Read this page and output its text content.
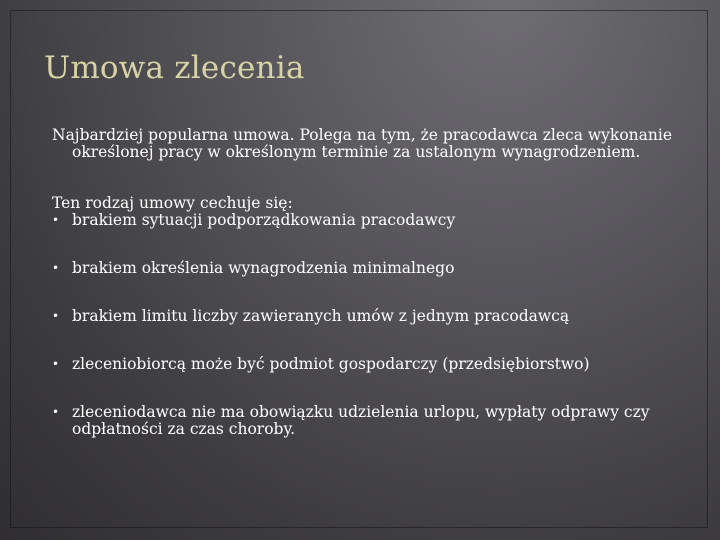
Umowa zlecenia

Najbardziej popularna umowa. Polega na tym, że pracodawca zleca wykonanie określonej pracy w określonym terminie za ustalonym wynagrodzeniem.

Ten rodzaj umowy cechuje się:

• brakiem sytuacji podporządkowania pracodawcy
• brakiem określenia wynagrodzenia minimalnego
• brakiem limitu liczby zawieranych umów z jednym pracodawcą
• zleceniobiorcą może być podmiot gospodarczy (przedsiębiorstwo)
• zleceniodawca nie ma obowiązku udzielenia urlopu, wypłaty odprawy czy odpłatności za czas choroby.
